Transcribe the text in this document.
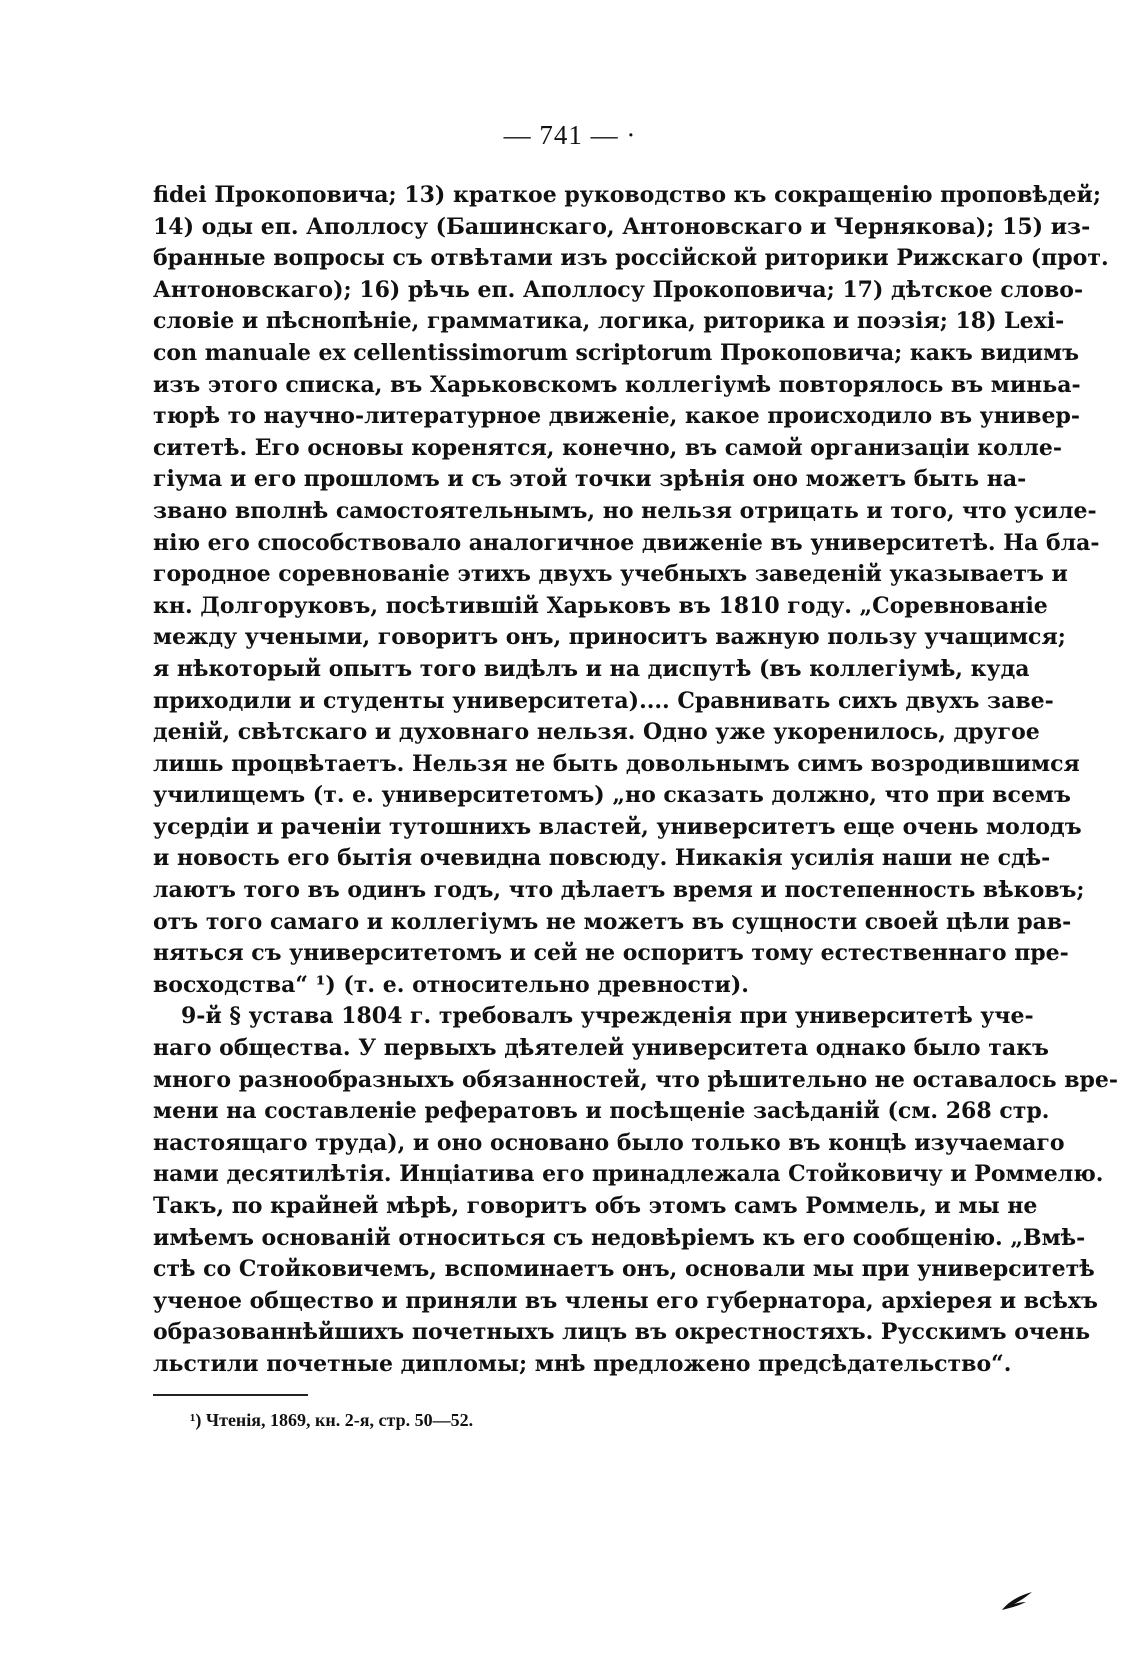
— 741 — ·
fidei Прокоповича; 13) краткое руководство къ сокращенію проповѣдей;
14) оды еп. Аполлосу (Башинскаго, Антоновскаго и Чернякова); 15) из-
бранные вопросы съ отвѣтами изъ россійской риторики Рижскаго (прот.
Антоновскаго); 16) рѣчь еп. Аполлосу Прокоповича; 17) дѣтское слово-
словіе и пѣснопѣніе, грамматика, логика, риторика и поэзія; 18) Lexi-
con manuale ex cellentissimorum scriptorum Прокоповича; какъ видимъ
изъ этого списка, въ Харьковскомъ коллегіумѣ повторялось въ миньа-
тюрѣ то научно-литературное движеніе, какое происходило въ универ-
ситетѣ. Его основы коренятся, конечно, въ самой организаціи колле-
гіума и его прошломъ и съ этой точки зрѣнія оно можетъ быть на-
звано вполнѣ самостоятельнымъ, но нельзя отрицать и того, что усиле-
нію его способствовало аналогичное движеніе въ университетѣ. На бла-
городное соревнованіе этихъ двухъ учебныхъ заведеній указываетъ и
кн. Долгоруковъ, посѣтившій Харьковъ въ 1810 году. „Соревнованіе
между учеными, говоритъ онъ, приноситъ важную пользу учащимся;
я нѣкоторый опытъ того видѣлъ и на диспутѣ (въ коллегіумѣ, куда
приходили и студенты университета).... Сравнивать сихъ двухъ заве-
деній, свѣтскаго и духовнаго нельзя. Одно уже укоренилось, другое
лишь процвѣтаетъ. Нельзя не быть довольнымъ симъ возродившимся
училищемъ (т. е. университетомъ) „но сказать должно, что при всемъ
усердіи и раченіи тутошнихъ властей, университетъ еще очень молодъ
и новость его бытія очевидна повсюду. Никакія усилія наши не сдѣ-
лаютъ того въ одинъ годъ, что дѣлаетъ время и постепенность вѣковъ;
отъ того самаго и коллегіумъ не можетъ въ сущности своей цѣли рав-
няться съ университетомъ и сей не оспоритъ тому естественнаго пре-
восходства“ ¹) (т. е. относительно древности).
9-й § устава 1804 г. требовалъ учрежденія при университетѣ уче-
наго общества. У первыхъ дѣятелей университета однако было такъ
много разнообразныхъ обязанностей, что рѣшительно не оставалось вре-
мени на составленіе рефератовъ и посѣщеніе засѣданій (см. 268 стр.
настоящаго труда), и оно основано было только въ концѣ изучаемаго
нами десятилѣтія. Инціатива его принадлежала Стойковичу и Роммелю.
Такъ, по крайней мѣрѣ, говоритъ объ этомъ самъ Роммель, и мы не
имѣемъ основаній относиться съ недовѣріемъ къ его сообщенію. „Вмѣ-
стѣ со Стойковичемъ, вспоминаетъ онъ, основали мы при университетѣ
ученое общество и приняли въ члены его губернатора, архіерея и всѣхъ
образованнѣйшихъ почетныхъ лицъ въ окрестностяхъ. Русскимъ очень
льстили почетные дипломы; мнѣ предложено предсѣдательство“.
¹) Чтенія, 1869, кн. 2-я, стр. 50—52.
